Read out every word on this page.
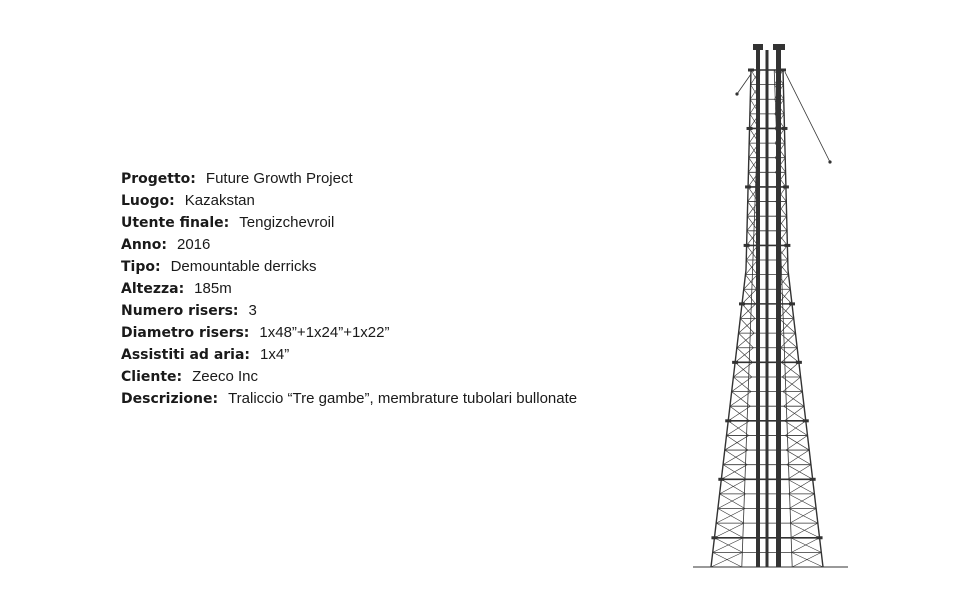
Progetto: Future Growth Project
Luogo: Kazakstan
Utente finale: Tengizchevroil
Anno: 2016
Tipo: Demountable derricks
Altezza: 185m
Numero risers: 3
Diametro risers: 1x48”+1x24”+1x22”
Assistiti ad aria: 1x4”
Cliente: Zeeco Inc
Descrizione: Traliccio “Tre gambe”, membrature tubolari bullonate
